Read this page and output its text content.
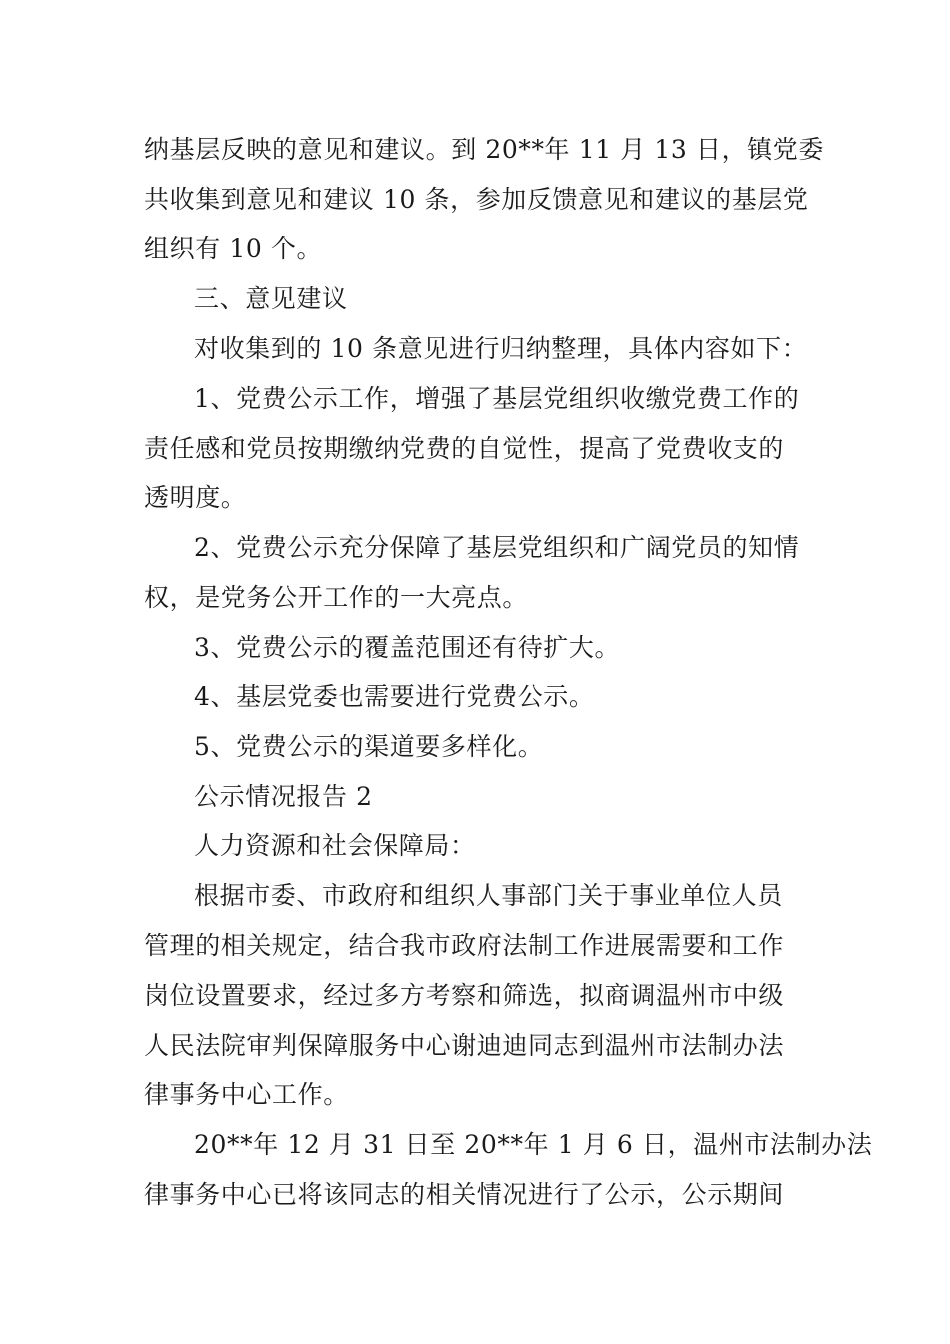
纳基层反映的意见和建议。到 20**年 11 月 13 日，镇党委
共收集到意见和建议 10 条，参加反馈意见和建议的基层党
组织有 10 个。
三、意见建议
对收集到的 10 条意见进行归纳整理，具体内容如下：
1、党费公示工作，增强了基层党组织收缴党费工作的
责任感和党员按期缴纳党费的自觉性，提高了党费收支的
透明度。
2、党费公示充分保障了基层党组织和广阔党员的知情
权，是党务公开工作的一大亮点。
3、党费公示的覆盖范围还有待扩大。
4、基层党委也需要进行党费公示。
5、党费公示的渠道要多样化。
公示情况报告 2
人力资源和社会保障局：
根据市委、市政府和组织人事部门关于事业单位人员
管理的相关规定，结合我市政府法制工作进展需要和工作
岗位设置要求，经过多方考察和筛选，拟商调温州市中级
人民法院审判保障服务中心谢迪迪同志到温州市法制办法
律事务中心工作。
20**年 12 月 31 日至 20**年 1 月 6 日，温州市法制办法
律事务中心已将该同志的相关情况进行了公示，公示期间
